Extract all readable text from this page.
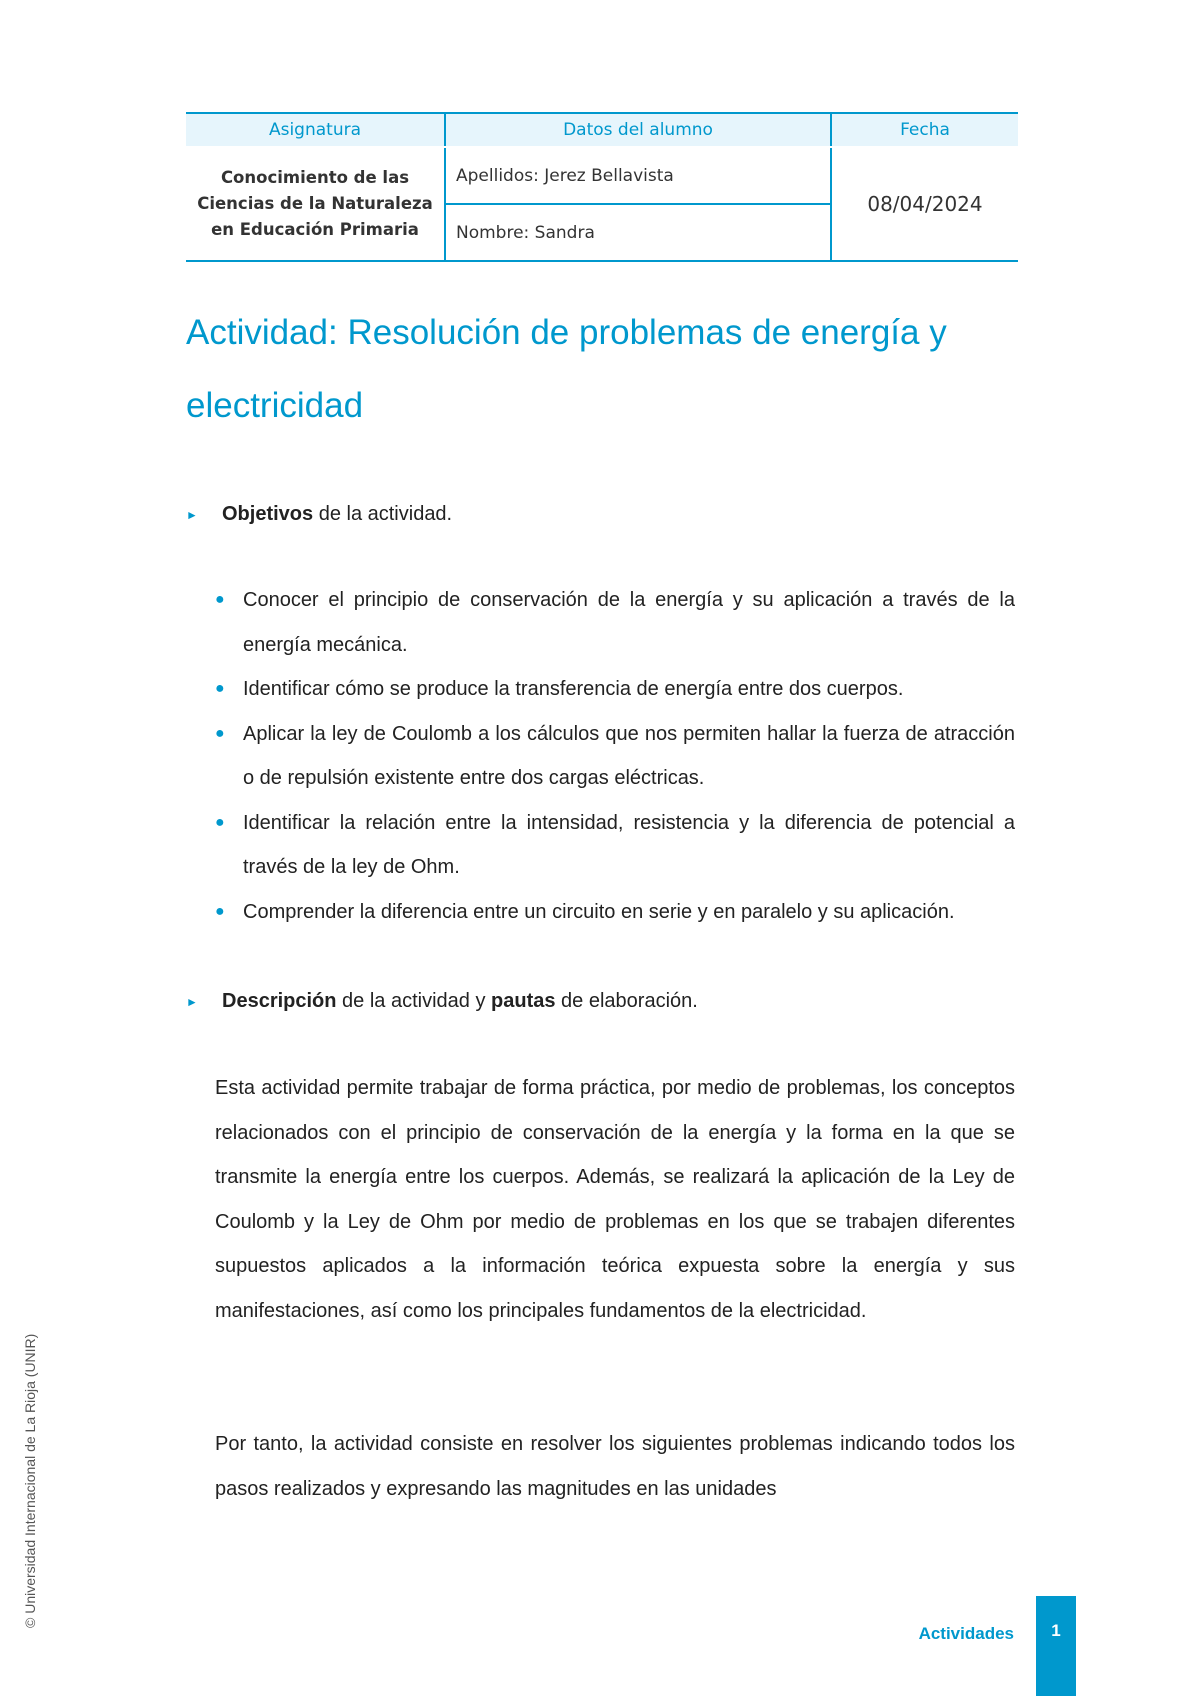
Asignatura	Datos del alumno	Fecha

Conocimiento de las
Ciencias de la Naturaleza
en Educación Primaria	Apellidos: Jerez Bellavista	08/04/2024
	Nombre: Sandra	
Actividad: Resolución de problemas de energía y electricidad
►	Objetivos de la actividad.
● Conocer el principio de conservación de la energía y su aplicación a través de la energía mecánica.
● Identificar cómo se produce la transferencia de energía entre dos cuerpos.
● Aplicar la ley de Coulomb a los cálculos que nos permiten hallar la fuerza de atracción o de repulsión existente entre dos cargas eléctricas.
● Identificar la relación entre la intensidad, resistencia y la diferencia de potencial a través de la ley de Ohm.
● Comprender la diferencia entre un circuito en serie y en paralelo y su aplicación.
►	Descripción de la actividad y pautas de elaboración.

Esta actividad permite trabajar de forma práctica, por medio de problemas, los conceptos relacionados con el principio de conservación de la energía y la forma en la que se transmite la energía entre los cuerpos. Además, se realizará la aplicación de la Ley de Coulomb y la Ley de Ohm por medio de problemas en los que se trabajen diferentes supuestos aplicados a la información teórica expuesta sobre la energía y sus manifestaciones, así como los principales fundamentos de la electricidad.

Por tanto, la actividad consiste en resolver los siguientes problemas indicando todos los pasos realizados y expresando las magnitudes en las unidades

© Universidad Internacional de La Rioja (UNIR)
Actividades	1
